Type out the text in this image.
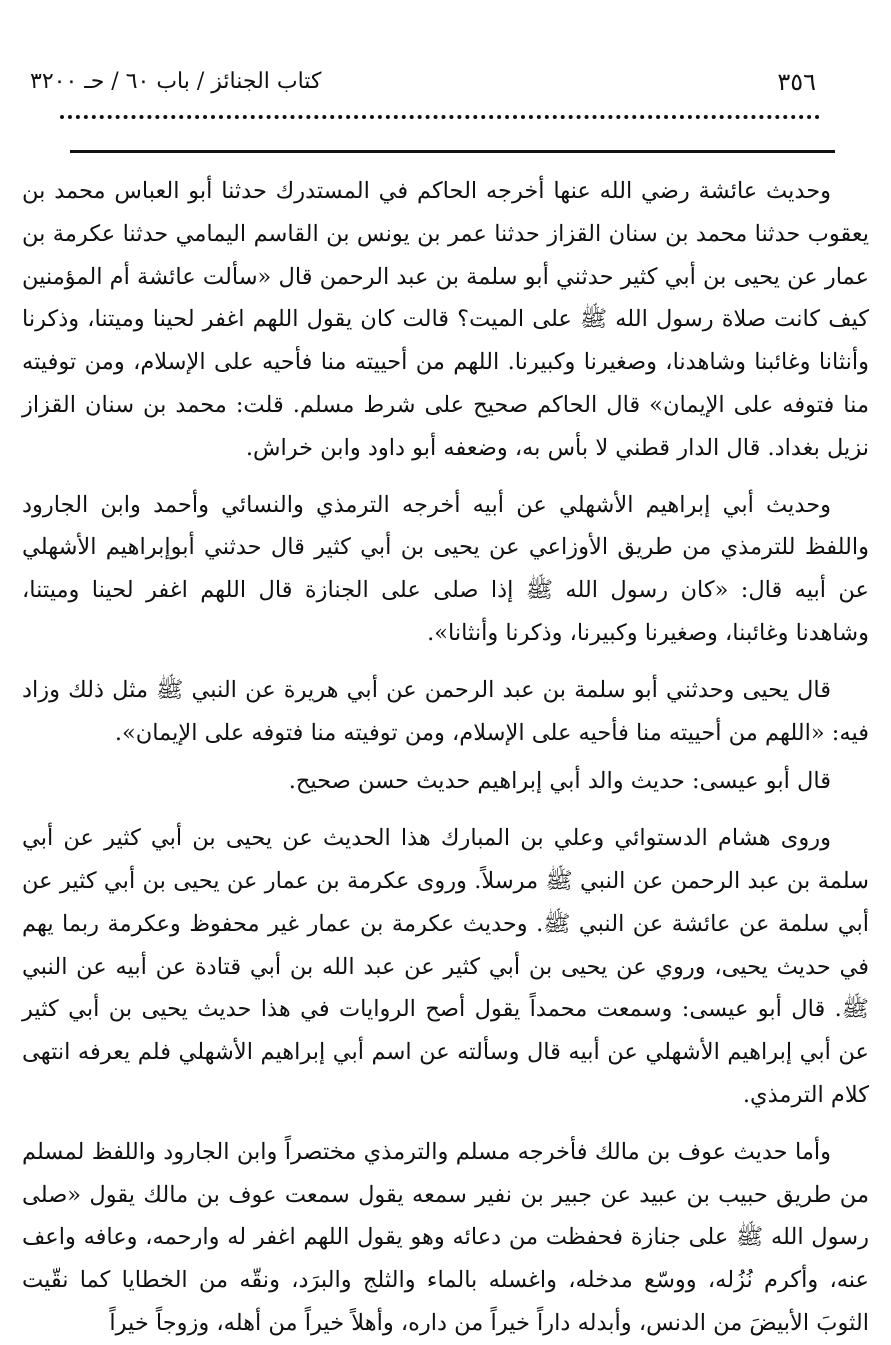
٣٥٦
كتاب الجنائز / باب ٦٠ / حـ ٣٢٠٠

وحديث عائشة رضي الله عنها أخرجه الحاكم في المستدرك حدثنا أبو العباس محمد بن يعقوب حدثنا محمد بن سنان القزاز حدثنا عمر بن يونس بن القاسم اليمامي حدثنا عكرمة بن عمار عن يحيى بن أبي كثير حدثني أبو سلمة بن عبد الرحمن قال «سألت عائشة أم المؤمنين كيف كانت صلاة رسول الله ﷺ على الميت؟ قالت كان يقول اللهم اغفر لحينا وميتنا، وذكرنا وأنثانا وغائبنا وشاهدنا، وصغيرنا وكبيرنا. اللهم من أحييته منا فأحيه على الإسلام، ومن توفيته منا فتوفه على الإيمان» قال الحاكم صحيح على شرط مسلم. قلت: محمد بن سنان القزاز نزيل بغداد. قال الدار قطني لا بأس به، وضعفه أبو داود وابن خراش.

وحديث أبي إبراهيم الأشهلي عن أبيه أخرجه الترمذي والنسائي وأحمد وابن الجارود واللفظ للترمذي من طريق الأوزاعي عن يحيى بن أبي كثير قال حدثني أبوإبراهيم الأشهلي عن أبيه قال: «كان رسول الله ﷺ إذا صلى على الجنازة قال اللهم اغفر لحينا وميتنا، وشاهدنا وغائبنا، وصغيرنا وكبيرنا، وذكرنا وأنثانا».

قال يحيى وحدثني أبو سلمة بن عبد الرحمن عن أبي هريرة عن النبي ﷺ مثل ذلك وزاد فيه: «اللهم من أحييته منا فأحيه على الإسلام، ومن توفيته منا فتوفه على الإيمان».

قال أبو عيسى: حديث والد أبي إبراهيم حديث حسن صحيح.

وروى هشام الدستوائي وعلي بن المبارك هذا الحديث عن يحيى بن أبي كثير عن أبي سلمة بن عبد الرحمن عن النبي ﷺ مرسلاً. وروى عكرمة بن عمار عن يحيى بن أبي كثير عن أبي سلمة عن عائشة عن النبي ﷺ. وحديث عكرمة بن عمار غير محفوظ وعكرمة ربما يهم في حديث يحيى، وروي عن يحيى بن أبي كثير عن عبد الله بن أبي قتادة عن أبيه عن النبي ﷺ. قال أبو عيسى: وسمعت محمداً يقول أصح الروايات في هذا حديث يحيى بن أبي كثير عن أبي إبراهيم الأشهلي عن أبيه قال وسألته عن اسم أبي إبراهيم الأشهلي فلم يعرفه انتهى كلام الترمذي.

وأما حديث عوف بن مالك فأخرجه مسلم والترمذي مختصراً وابن الجارود واللفظ لمسلم من طريق حبيب بن عبيد عن جبير بن نفير سمعه يقول سمعت عوف بن مالك يقول «صلى رسول الله ﷺ على جنازة فحفظت من دعائه وهو يقول اللهم اغفر له وارحمه، وعافه واعف عنه، وأكرم نُزُله، ووسّع مدخله، واغسله بالماء والثلج والبرَد، ونقّه من الخطايا كما نقّيت الثوبَ الأبيضَ من الدنس، وأبدله داراً خيراً من داره، وأهلاً خيراً من أهله، وزوجاً خيراً
